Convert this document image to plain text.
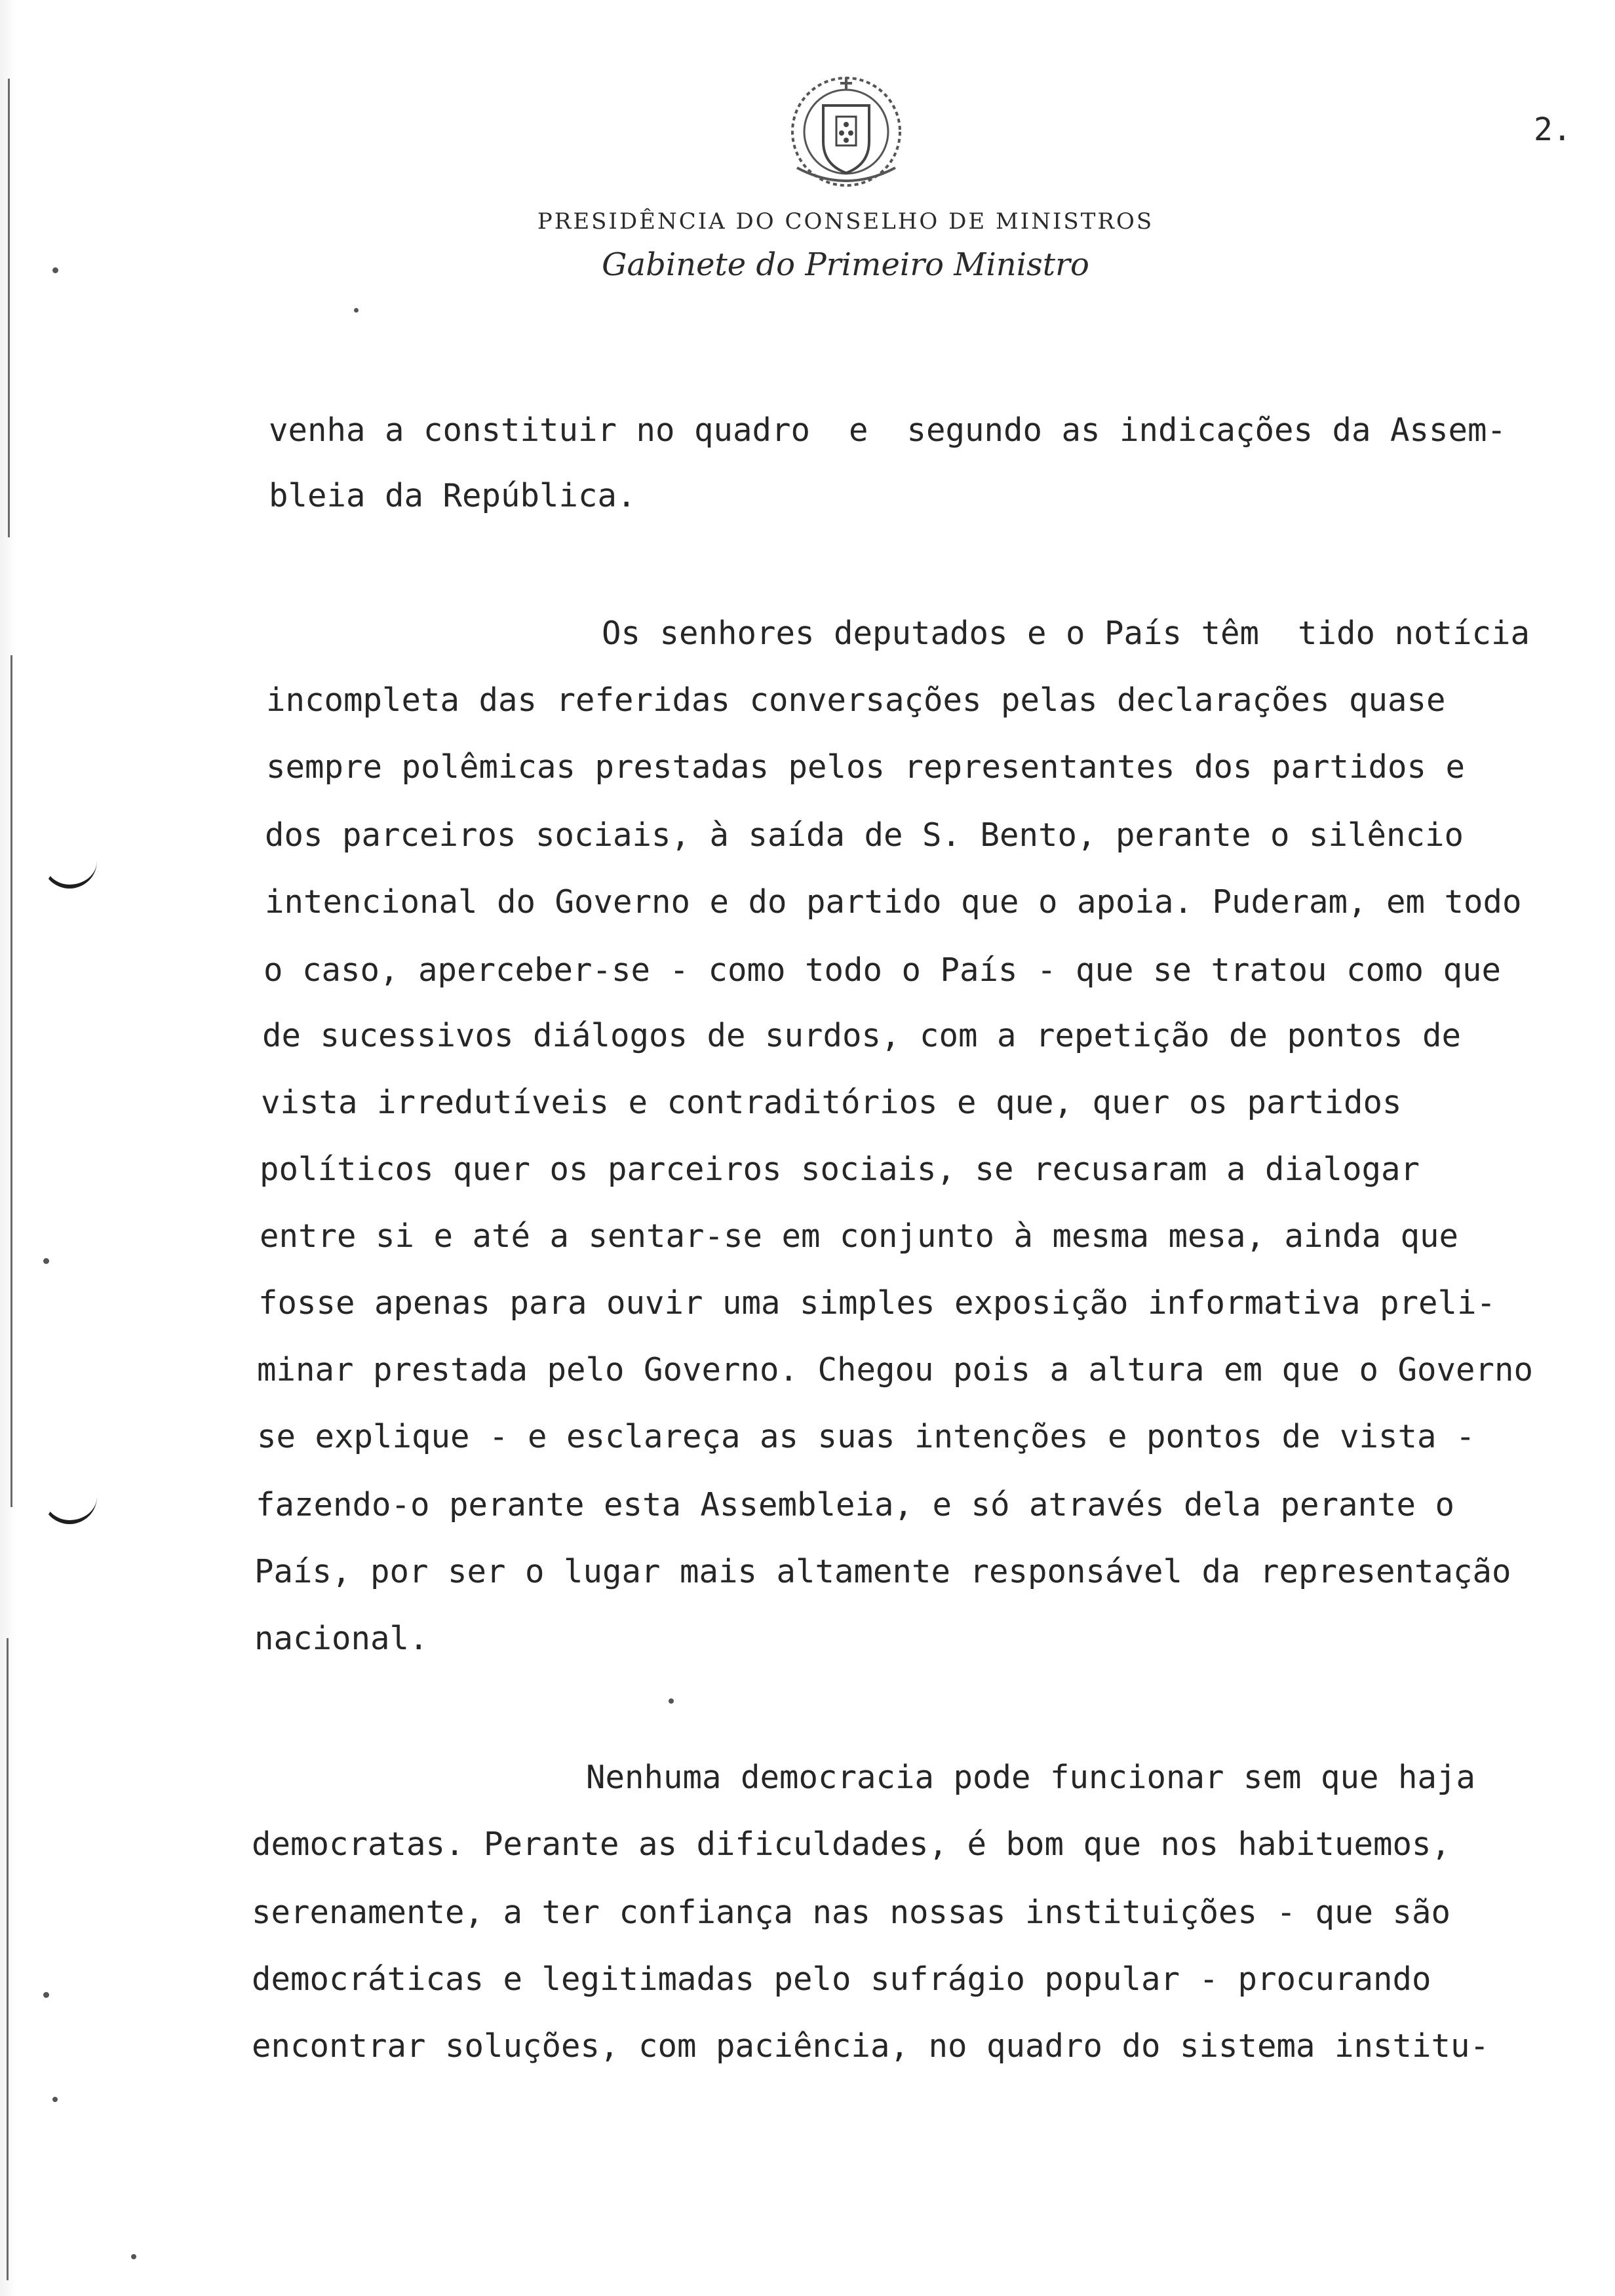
2.
PRESIDÊNCIA DO CONSELHO DE MINISTROS
Gabinete do Primeiro Ministro
venha a constituir no quadro  e  segundo as indicações da Assem-
bleia da República.
Os senhores deputados e o País têm  tido notícia
incompleta das referidas conversações pelas declarações quase
sempre polêmicas prestadas pelos representantes dos partidos e
dos parceiros sociais, à saída de S. Bento, perante o silêncio
intencional do Governo e do partido que o apoia. Puderam, em todo
o caso, aperceber-se - como todo o País - que se tratou como que
de sucessivos diálogos de surdos, com a repetição de pontos de
vista irredutíveis e contraditórios e que, quer os partidos
políticos quer os parceiros sociais, se recusaram a dialogar
entre si e até a sentar-se em conjunto à mesma mesa, ainda que
fosse apenas para ouvir uma simples exposição informativa preli-
minar prestada pelo Governo. Chegou pois a altura em que o Governo
se explique - e esclareça as suas intenções e pontos de vista -
fazendo-o perante esta Assembleia, e só através dela perante o
País, por ser o lugar mais altamente responsável da representação
nacional.
Nenhuma democracia pode funcionar sem que haja
democratas. Perante as dificuldades, é bom que nos habituemos,
serenamente, a ter confiança nas nossas instituições - que são
democráticas e legitimadas pelo sufrágio popular - procurando
encontrar soluções, com paciência, no quadro do sistema institu-
